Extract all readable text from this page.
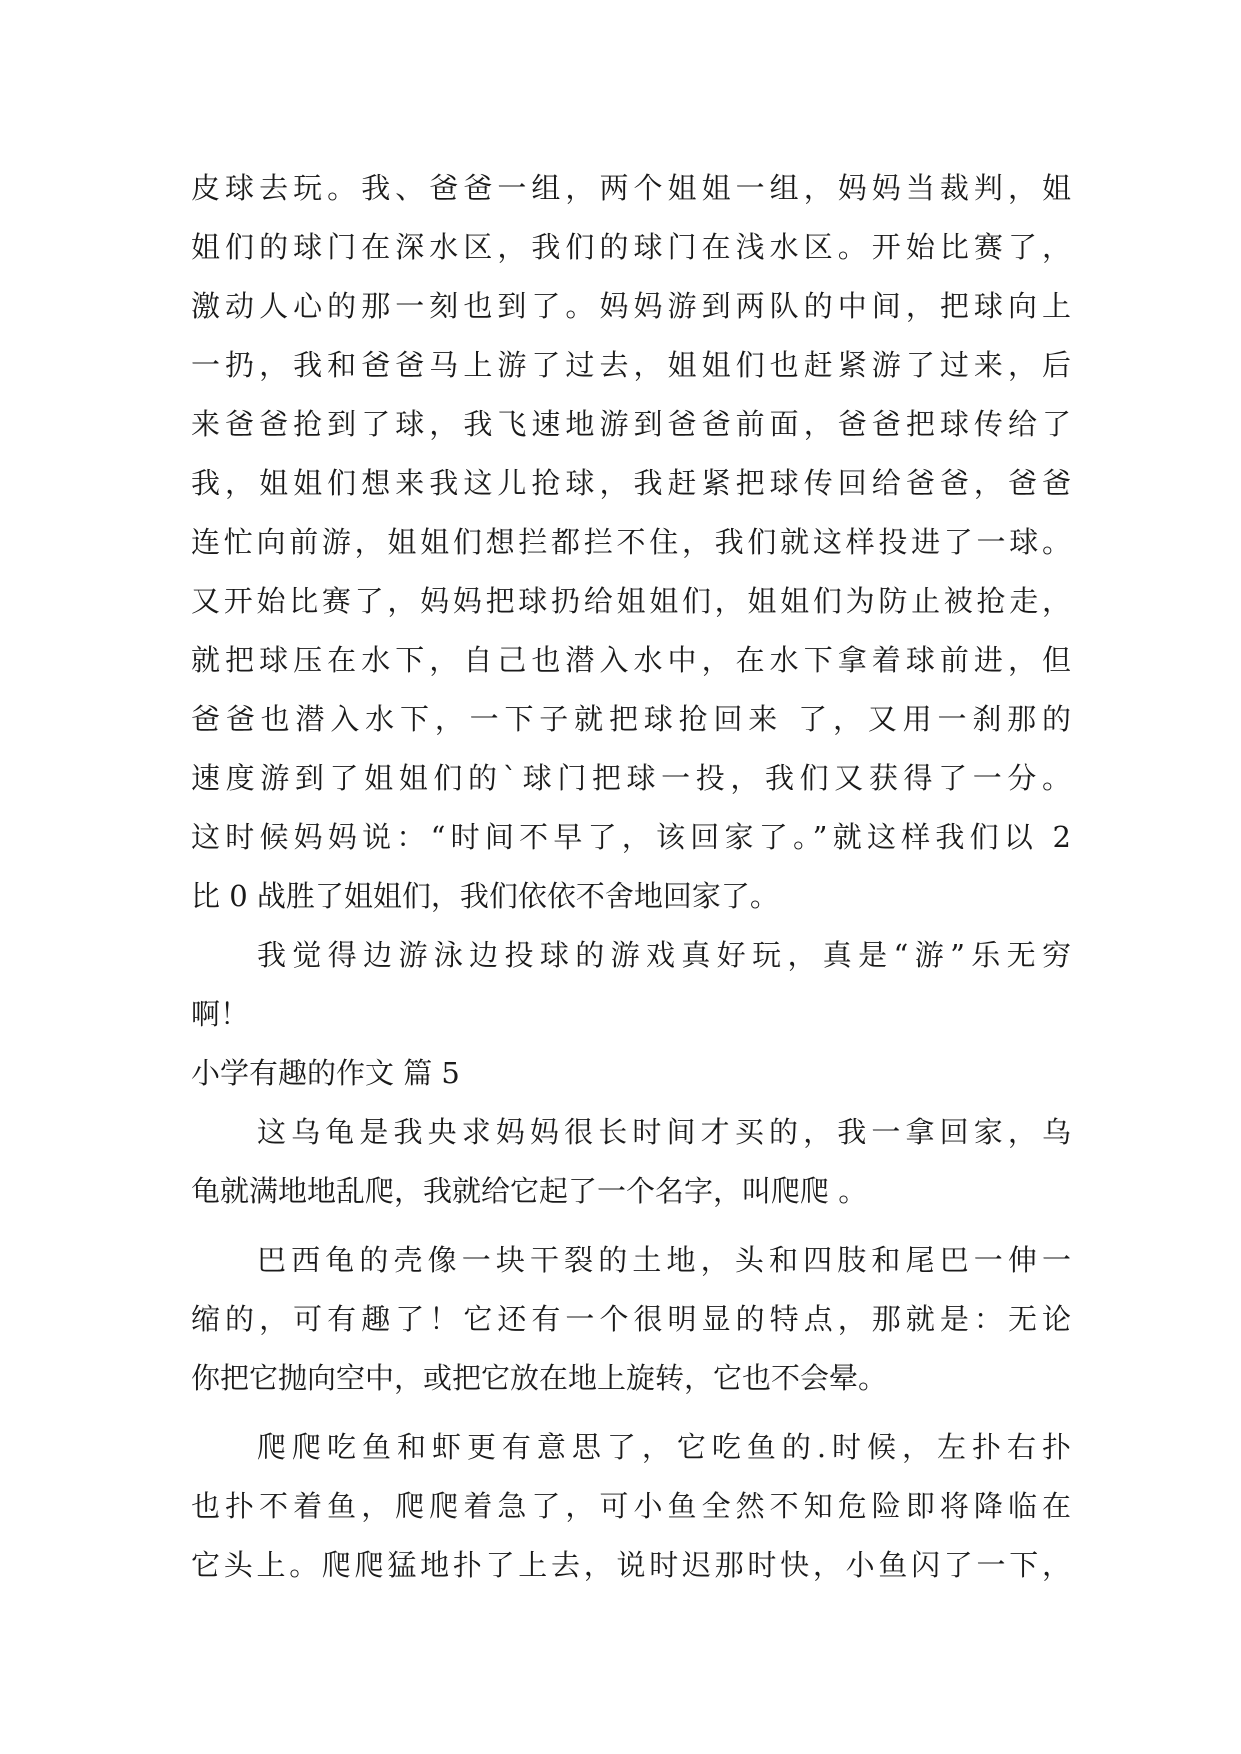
皮球去玩。我、爸爸一组，两个姐姐一组，妈妈当裁判，姐
姐们的球门在深水区，我们的球门在浅水区。开始比赛了，
激动人心的那一刻也到了。妈妈游到两队的中间，把球向上
一扔，我和爸爸马上游了过去，姐姐们也赶紧游了过来，后
来爸爸抢到了球，我飞速地游到爸爸前面，爸爸把球传给了
我，姐姐们想来我这儿抢球，我赶紧把球传回给爸爸，爸爸
连忙向前游，姐姐们想拦都拦不住，我们就这样投进了一球。
又开始比赛了，妈妈把球扔给姐姐们，姐姐们为防止被抢走，
就把球压在水下，自己也潜入水中，在水下拿着球前进，但
爸爸也潜入水下，一下子就把球抢回来 了，又用一刹那的
速度游到了姐姐们的`球门把球一投，我们又获得了一分。
这时候妈妈说：“时间不早了，该回家了。”就这样我们以 2
比 0 战胜了姐姐们，我们依依不舍地回家了。
我觉得边游泳边投球的游戏真好玩，真是“游”乐无穷
啊！
小学有趣的作文 篇 5
这乌龟是我央求妈妈很长时间才买的，我一拿回家，乌
龟就满地地乱爬，我就给它起了一个名字，叫爬爬 。
巴西龟的壳像一块干裂的土地，头和四肢和尾巴一伸一
缩的，可有趣了！它还有一个很明显的特点，那就是：无论
你把它抛向空中，或把它放在地上旋转，它也不会晕。
爬爬吃鱼和虾更有意思了，它吃鱼的.时候，左扑右扑
也扑不着鱼，爬爬着急了，可小鱼全然不知危险即将降临在
它头上。爬爬猛地扑了上去，说时迟那时快，小鱼闪了一下，
